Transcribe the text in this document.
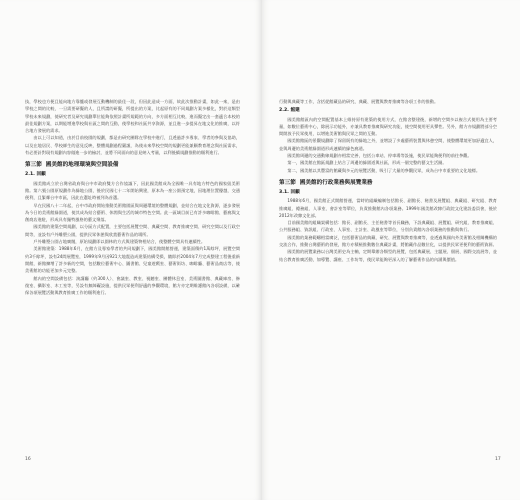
技，學校也方便且能向地方靠攏或發展互動機制的最佳一段，但因此造成一方面，故此次推動計畫，如此一來，是由學校之間的比較，一旦需要研擬的人，且所謂的研擬，所提出的方案，比起原有的不同規劃方案多樣化，對於這類型學校未來規劃，使研究者及研究規劃單位能夠依照計畫所規範的方向，多方面相互比較，進而擬定出一套適合本校的最佳規劃方案，以期能增進學校與社區之間的互動，使學校和社區共享資源，並且進一步提昇在地文化的推廣，以符合地方發展的需求。

由以上可以知道，由於目前校園的規劃，都是由研究團隊在學校中進行，且透過許多專家、學者的參與及協助，以及在地居民、學校師生的意見反映，整體規劃過程嚴謹，為使未來學校空間的規劃更能兼顧教育理念與社區需求，有必要針對現有規劃內容做進一步的檢討，並將不同面向的意見納入考量，以利後續規劃推動的順利進行。

第三節 國美館的地理環境與空間設備
2.1. 回顧

國美館成立於台灣省政府與台中市政府雙方合作協議下，因此國美館成為全國唯一具有地方特色的國家級美術館。第六號公園原規劃作為綠地公園，後於民國七十二年開始興建，原本為一座公園預定地，因地理位置優越，交通便利，且緊鄰台中市區，因此在選址時被列為首選。

早在民國八十二年起，台中市政府開始推動美術館園區與周邊環境的整體規劃，並結合在地文化資源，逐步發展為今日的美術館綠園道，使其成為結合藝術、休閒與生活的城市特色空間。此一區域目前已有許多咖啡館、藝廊與文創商店進駐，形成具有獨特風格的藝文聚落。

國美館的建築空間規劃，以分區方式配置，主要包括展覽空間、典藏空間、教育推廣空間、研究空間以及行政空間等，並設有戶外雕塑公園，提供民眾休憩與欣賞藝術作品的場所。

戶外雕塑公園占地廣闊，原始規劃即以園林的方式與建築物相結合，使整體空間具有連續性。

美術館建築：1988年6月，在館方及專家學者的共同規劃下，國美館開館營運，建築面積約1萬餘坪，展覽空間約3千餘坪，設有24間展覽室，1999年9月因921大地震造成建築結構受損，隨即於2004年7月完成整建工程後重新開館，新館擴增了許多新的空間，包括數位藝術中心、圖書館、兒童遊戲室、藝術街坊、咖啡廳、藝術品商店等，使美術館的功能更加多元完整。

館內的空間設備包括：演講廳（約300人）、會議室、教室、視聽室、團體休息室、美術圖書館、典藏庫房、修復室、攝影室、木工室等，另設有無障礙設施，提供民眾便利舒適的參觀環境，館方亦定期維護館內各項設備，以確保各項展覽活動與教育推廣工作的順利進行。

16

行動與典藏等工作，含括從館藏品的研究、典藏、展覽與教育推廣等各項工作的推動。

2.2. 館建

國美館館區內的空間配置基本上維持原有建築的使用方式，在館舍整建後，新增的空間多以複合式使用為主要考量，如數位藝術中心，除展示功能外，亦兼具教育推廣與研究功能，使空間使用更具彈性。另外，館方亦規劃將部分空間開放予民眾使用，以增進美術館與民眾之間的互動。

國美館館區的景觀規劃除了保留既有的綠地之外，並增設了多處藝術裝置與休憩空間，使整體環境更加舒適宜人，並與周邊的美術館綠園道形成連續的綠色廊道。

國美館周邊的交通動線規劃亦相當完善，包括公車站、停車場等設施，使民眾能夠便利的前往參觀。

第一，國美館在館區規劃上結合了周邊的綠園道與社區，形成一個完整的藝文生活圈。

第二，國美館以其豐富的館藏與多元的展覽活動，吸引了大量的參觀民眾，成為台中市重要的文化地標。

第三節 國美館的行政業務與展覽業務
3.1. 回顧

1988年6月，國美館正式開館營運，當時的組織編制包括館長、副館長、秘書及展覽組、典藏組、研究組、教育推廣組、總務組、人事室、會計室等單位，負責推動館內各項業務。1999年國美館改隸行政院文化建設委員會，後於2012年改隸文化部。

目前國美館的組織架構包括：館長、副館長、主任秘書等首長職務，下設典藏組、展覽組、研究組、教育推廣組、公共服務組、資訊組、行政室、人事室、主計室、政風室等單位，分別負責館內各項業務的推動與執行。

國美館的業務範疇相當廣泛，包括藝術品的典藏、研究、展覽與教育推廣等，並透過與國內外美術館及相關機構的交流合作，推動台灣藝術的發展，館方亦積極推動數位典藏計畫，將館藏作品數位化，以提供民眾更便利的藝術資源。

國美館的展覽業務以台灣美術史為主軸，定期舉辦各類型的展覽，包括典藏展、主題展、個展、國際交流展等，並結合教育推廣活動，如導覽、講座、工作坊等，使民眾能夠更深入的了解藝術作品的內涵與價值。

17
